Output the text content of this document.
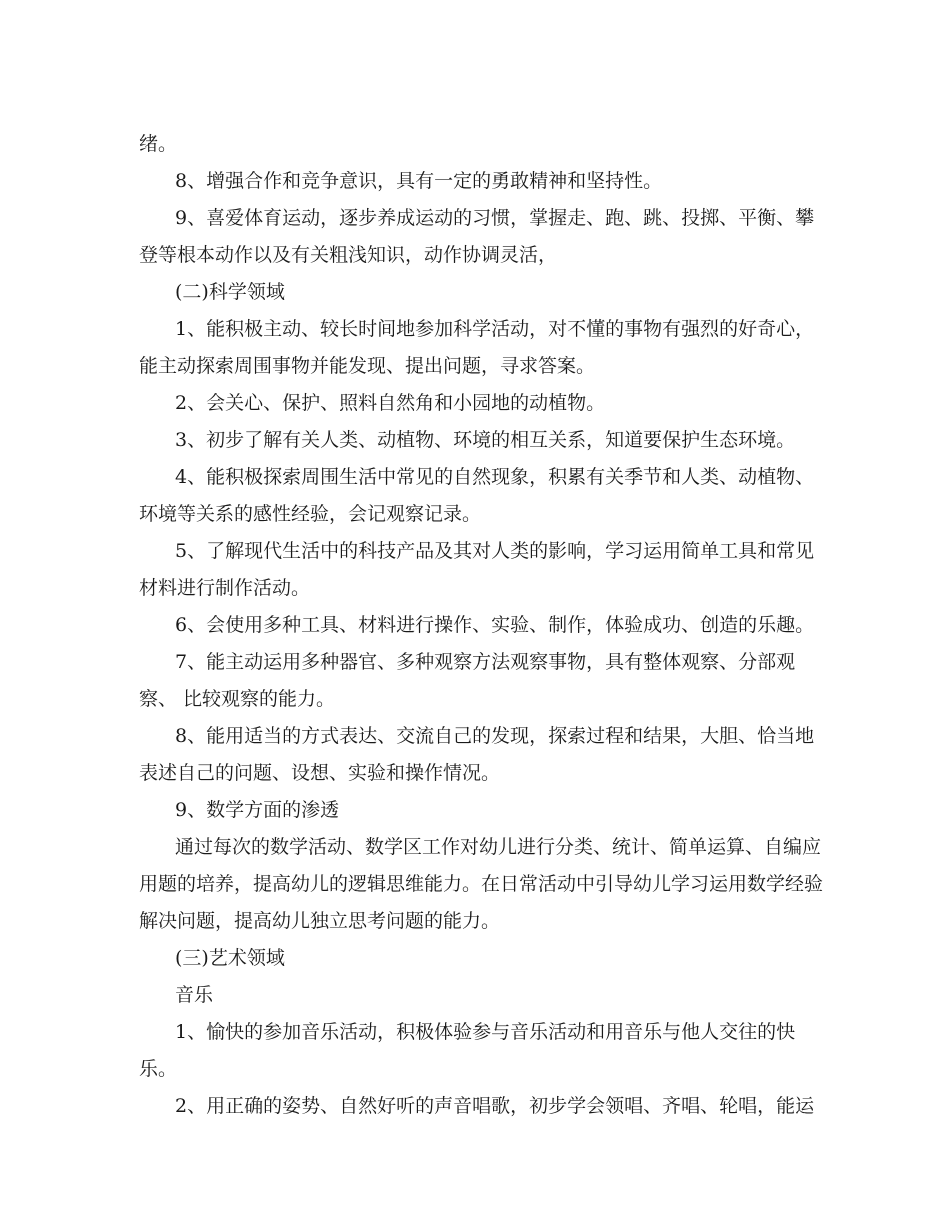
绪。
8、增强合作和竞争意识，具有一定的勇敢精神和坚持性。
9、喜爱体育运动，逐步养成运动的习惯，掌握走、跑、跳、投掷、平衡、攀
登等根本动作以及有关粗浅知识，动作协调灵活，
(二)科学领域
1、能积极主动、较长时间地参加科学活动，对不懂的事物有强烈的好奇心，
能主动探索周围事物并能发现、提出问题，寻求答案。
2、会关心、保护、照料自然角和小园地的动植物。
3、初步了解有关人类、动植物、环境的相互关系，知道要保护生态环境。
4、能积极探索周围生活中常见的自然现象，积累有关季节和人类、动植物、
环境等关系的感性经验，会记观察记录。
5、了解现代生活中的科技产品及其对人类的影响，学习运用简单工具和常见
材料进行制作活动。
6、会使用多种工具、材料进行操作、实验、制作，体验成功、创造的乐趣。
7、能主动运用多种器官、多种观察方法观察事物，具有整体观察、分部观
察、 比较观察的能力。
8、能用适当的方式表达、交流自己的发现，探索过程和结果，大胆、恰当地
表述自己的问题、设想、实验和操作情况。
9、数学方面的渗透
通过每次的数学活动、数学区工作对幼儿进行分类、统计、简单运算、自编应
用题的培养，提高幼儿的逻辑思维能力。在日常活动中引导幼儿学习运用数学经验
解决问题，提高幼儿独立思考问题的能力。
(三)艺术领域
音乐
1、愉快的参加音乐活动，积极体验参与音乐活动和用音乐与他人交往的快
乐。
2、用正确的姿势、自然好听的声音唱歌，初步学会领唱、齐唱、轮唱，能运
